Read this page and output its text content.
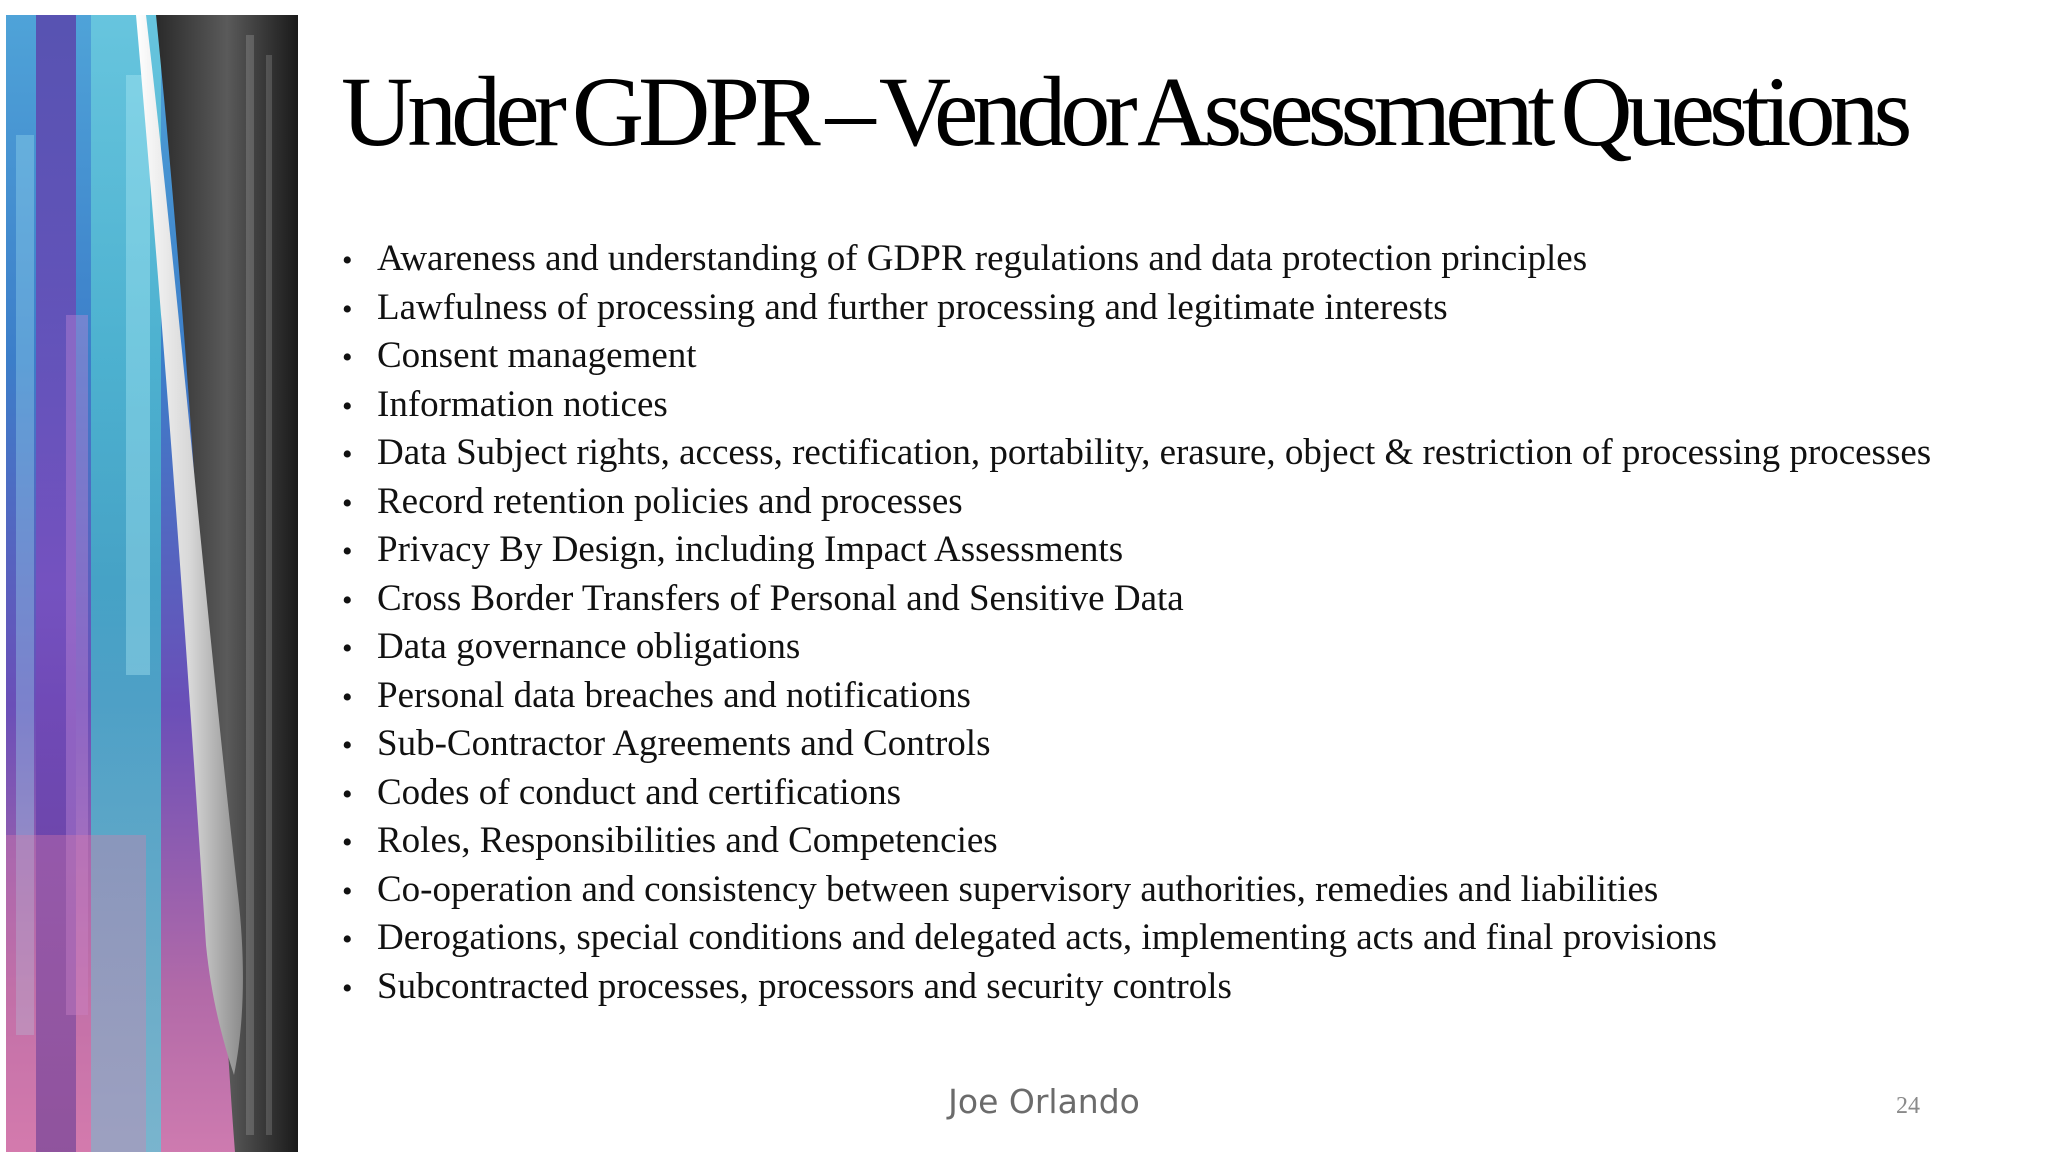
Under GDPR – Vendor Assessment Questions
• Awareness and understanding of GDPR regulations and data protection principles
• Lawfulness of processing and further processing and legitimate interests
• Consent management
• Information notices
• Data Subject rights, access, rectification, portability, erasure, object & restriction of processing processes
• Record retention policies and processes
• Privacy By Design, including Impact Assessments
• Cross Border Transfers of Personal and Sensitive Data
• Data governance obligations
• Personal data breaches and notifications
• Sub-Contractor Agreements and Controls
• Codes of conduct and certifications
• Roles, Responsibilities and Competencies
• Co-operation and consistency between supervisory authorities, remedies and liabilities
• Derogations, special conditions and delegated acts, implementing acts and final provisions
• Subcontracted processes, processors and security controls
Joe Orlando	24
